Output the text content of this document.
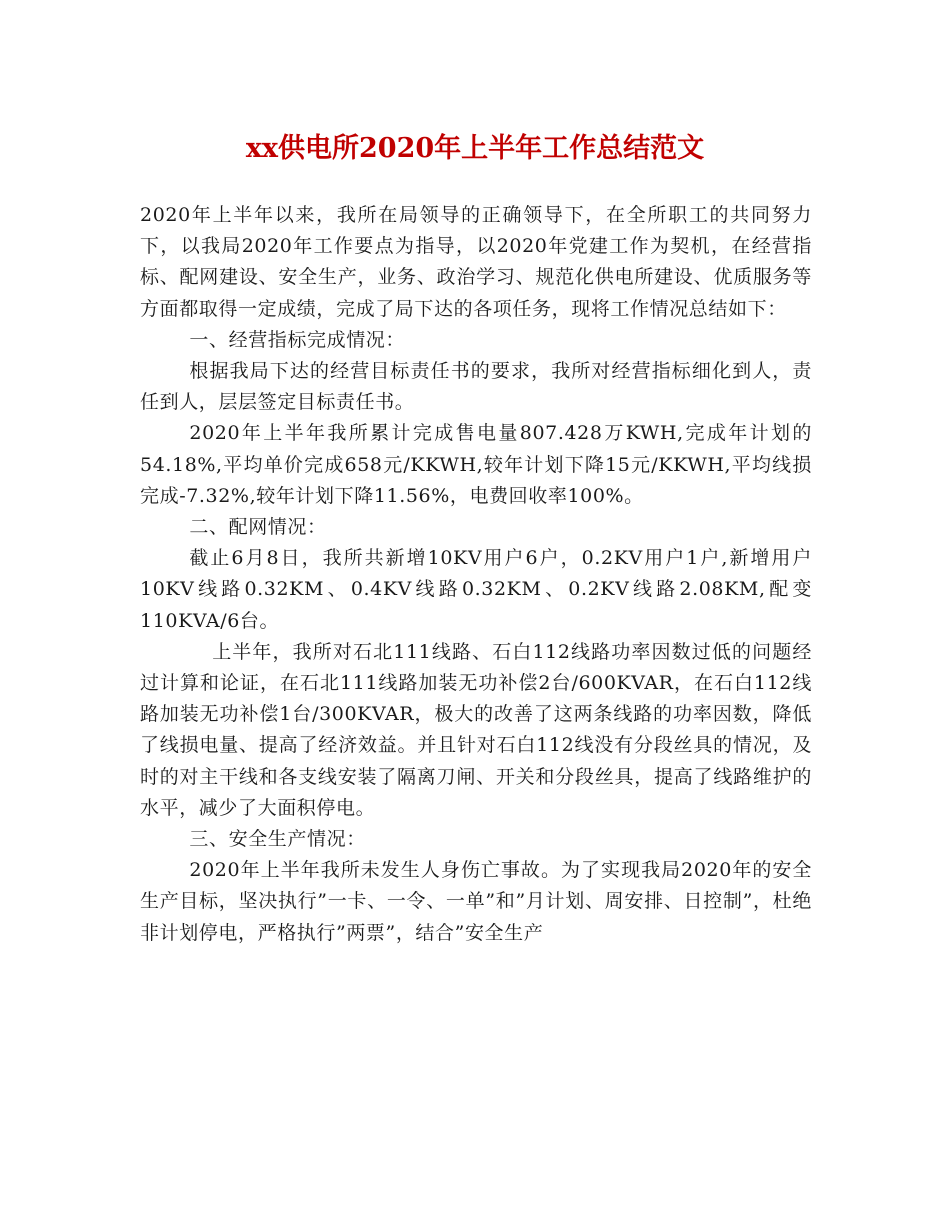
xx供电所2020年上半年工作总结范文

2020年上半年以来，我所在局领导的正确领导下，在全所职工的共同努力下，以我局2020年工作要点为指导，以2020年党建工作为契机，在经营指标、配网建设、安全生产，业务、政治学习、规范化供电所建设、优质服务等方面都取得一定成绩，完成了局下达的各项任务，现将工作情况总结如下：

一、经营指标完成情况：

根据我局下达的经营目标责任书的要求，我所对经营指标细化到人，责任到人，层层签定目标责任书。

2020年上半年我所累计完成售电量807.428万KWH,完成年计划的54.18%,平均单价完成658元/KKWH,较年计划下降15元/KKWH,平均线损完成-7.32%,较年计划下降11.56%，电费回收率100%。

二、配网情况：

截止6月8日，我所共新增10KV用户6户，0.2KV用户1户,新增用户10KV线路0.32KM、0.4KV线路0.32KM、0.2KV线路2.08KM,配变110KVA/6台。

上半年，我所对石北111线路、石白112线路功率因数过低的问题经过计算和论证，在石北111线路加装无功补偿2台/600KVAR，在石白112线路加装无功补偿1台/300KVAR，极大的改善了这两条线路的功率因数，降低了线损电量、提高了经济效益。并且针对石白112线没有分段丝具的情况，及时的对主干线和各支线安装了隔离刀闸、开关和分段丝具，提高了线路维护的水平，减少了大面积停电。

三、安全生产情况：

2020年上半年我所未发生人身伤亡事故。为了实现我局2020年的安全生产目标，坚决执行”一卡、一令、一单”和”月计划、周安排、日控制”，杜绝非计划停电，严格执行”两票”，结合”安全生产
